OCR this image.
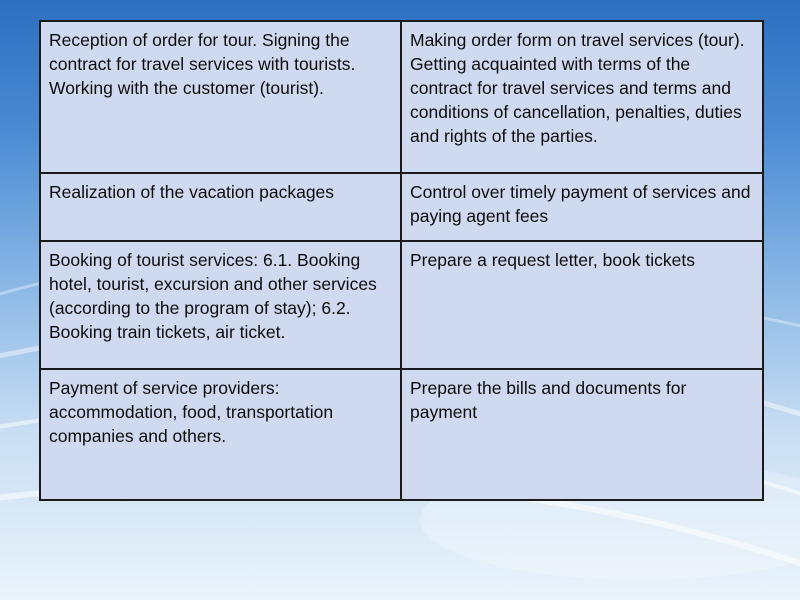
Reception of order for tour. Signing the contract for travel services with tourists. Working with the customer (tourist).	Making order form on travel services (tour). Getting acquainted with terms of the contract for travel services and terms and conditions of cancellation, penalties, duties and rights of the parties.
Realization of the vacation packages	Control over timely payment of services and paying agent fees
Booking of tourist services: 6.1. Booking hotel, tourist, excursion and other services (according to the program of stay); 6.2. Booking train tickets, air ticket.	Prepare a request letter, book tickets
Payment of service providers: accommodation, food, transportation companies and others.	Prepare the bills and documents for payment
